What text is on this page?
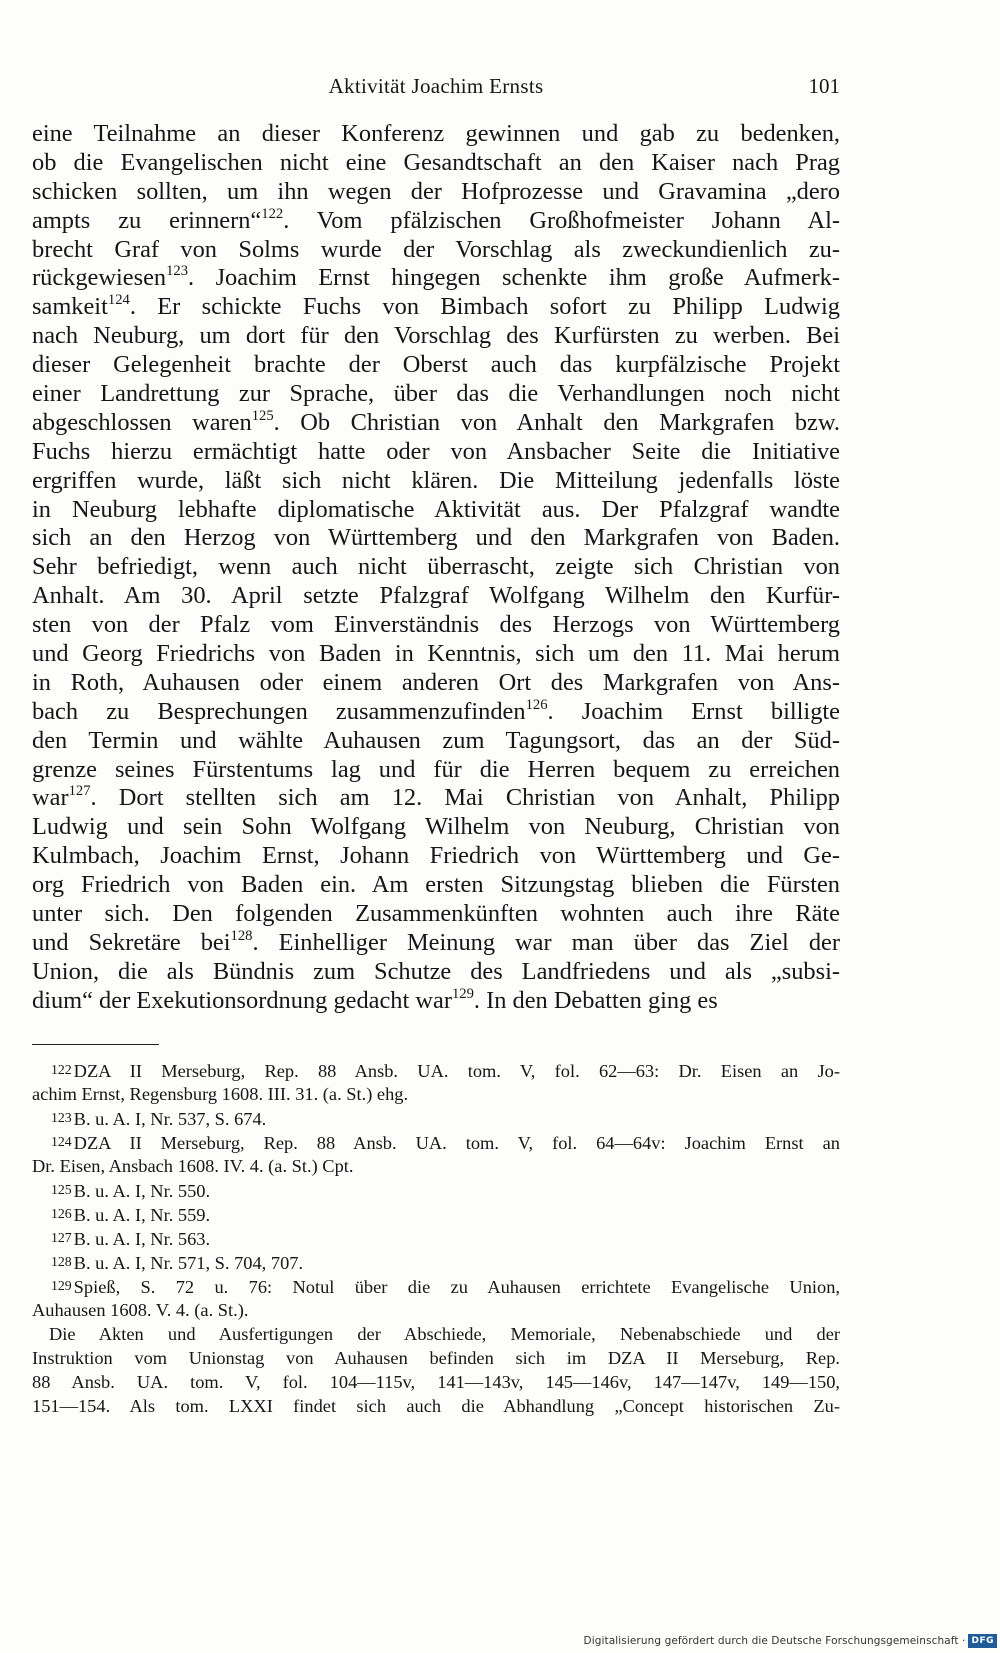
Aktivität Joachim Ernsts	101
eine Teilnahme an dieser Konferenz gewinnen und gab zu bedenken,
ob die Evangelischen nicht eine Gesandtschaft an den Kaiser nach Prag
schicken sollten, um ihn wegen der Hofprozesse und Gravamina „dero
ampts zu erinnern“$^{122}$. Vom pfälzischen Großhofmeister Johann Al-
brecht Graf von Solms wurde der Vorschlag als zweckundienlich zu-
rückgewiesen$^{123}$. Joachim Ernst hingegen schenkte ihm große Aufmerk-
samkeit$^{124}$. Er schickte Fuchs von Bimbach sofort zu Philipp Ludwig
nach Neuburg, um dort für den Vorschlag des Kurfürsten zu werben. Bei
dieser Gelegenheit brachte der Oberst auch das kurpfälzische Projekt
einer Landrettung zur Sprache, über das die Verhandlungen noch nicht
abgeschlossen waren$^{125}$. Ob Christian von Anhalt den Markgrafen bzw.
Fuchs hierzu ermächtigt hatte oder von Ansbacher Seite die Initiative
ergriffen wurde, läßt sich nicht klären. Die Mitteilung jedenfalls löste
in Neuburg lebhafte diplomatische Aktivität aus. Der Pfalzgraf wandte
sich an den Herzog von Württemberg und den Markgrafen von Baden.
Sehr befriedigt, wenn auch nicht überrascht, zeigte sich Christian von
Anhalt. Am 30. April setzte Pfalzgraf Wolfgang Wilhelm den Kurfür-
sten von der Pfalz vom Einverständnis des Herzogs von Württemberg
und Georg Friedrichs von Baden in Kenntnis, sich um den 11. Mai herum
in Roth, Auhausen oder einem anderen Ort des Markgrafen von Ans-
bach zu Besprechungen zusammenzufinden$^{126}$. Joachim Ernst billigte
den Termin und wählte Auhausen zum Tagungsort, das an der Süd-
grenze seines Fürstentums lag und für die Herren bequem zu erreichen
war$^{127}$. Dort stellten sich am 12. Mai Christian von Anhalt, Philipp
Ludwig und sein Sohn Wolfgang Wilhelm von Neuburg, Christian von
Kulmbach, Joachim Ernst, Johann Friedrich von Württemberg und Ge-
org Friedrich von Baden ein. Am ersten Sitzungstag blieben die Fürsten
unter sich. Den folgenden Zusammenkünften wohnten auch ihre Räte
und Sekretäre bei$^{128}$. Einhelliger Meinung war man über das Ziel der
Union, die als Bündnis zum Schutze des Landfriedens und als „subsi-
dium“ der Exekutionsordnung gedacht war$^{129}$. In den Debatten ging es
122 DZA II Merseburg, Rep. 88 Ansb. UA. tom. V, fol. 62—63: Dr. Eisen an Jo-
achim Ernst, Regensburg 1608. III. 31. (a. St.) ehg.
123 B. u. A. I, Nr. 537, S. 674.
124 DZA II Merseburg, Rep. 88 Ansb. UA. tom. V, fol. 64—64v: Joachim Ernst an
Dr. Eisen, Ansbach 1608. IV. 4. (a. St.) Cpt.
125 B. u. A. I, Nr. 550.
126 B. u. A. I, Nr. 559.
127 B. u. A. I, Nr. 563.
128 B. u. A. I, Nr. 571, S. 704, 707.
129 Spieß, S. 72 u. 76: Notul über die zu Auhausen errichtete Evangelische Union,
Auhausen 1608. V. 4. (a. St.).
Die Akten und Ausfertigungen der Abschiede, Memoriale, Nebenabschiede und der
Instruktion vom Unionstag von Auhausen befinden sich im DZA II Merseburg, Rep.
88 Ansb. UA. tom. V, fol. 104—115v, 141—143v, 145—146v, 147—147v, 149—150,
151—154. Als tom. LXXI findet sich auch die Abhandlung „Concept historischen Zu-
Digitalisierung gefördert durch die Deutsche Forschungsgemeinschaft · DFG
